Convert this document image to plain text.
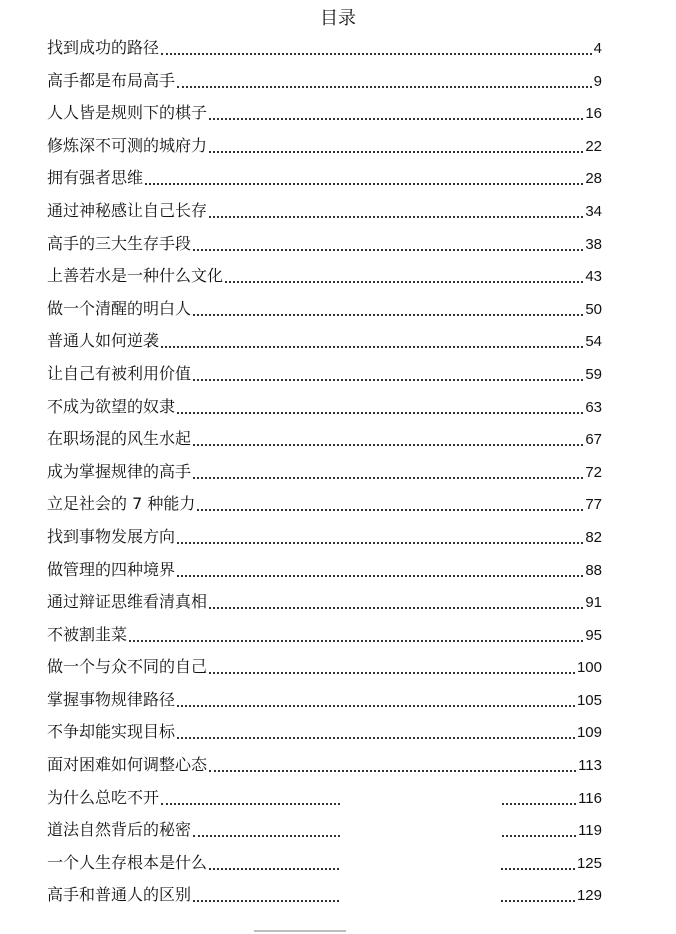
目录
找到成功的路径	4
高手都是布局高手	9
人人皆是规则下的棋子	16
修炼深不可测的城府力	22
拥有强者思维	28
通过神秘感让自己长存	34
高手的三大生存手段	38
上善若水是一种什么文化	43
做一个清醒的明白人	50
普通人如何逆袭	54
让自己有被利用价值	59
不成为欲望的奴隶	63
在职场混的风生水起	67
成为掌握规律的高手	72
立足社会的 7 种能力	77
找到事物发展方向	82
做管理的四种境界	88
通过辩证思维看清真相	91
不被割韭菜	95
做一个与众不同的自己	100
掌握事物规律路径	105
不争却能实现目标	109
面对困难如何调整心态	113
为什么总吃不开	116
道法自然背后的秘密	119
一个人生存根本是什么	125
高手和普通人的区别	129
